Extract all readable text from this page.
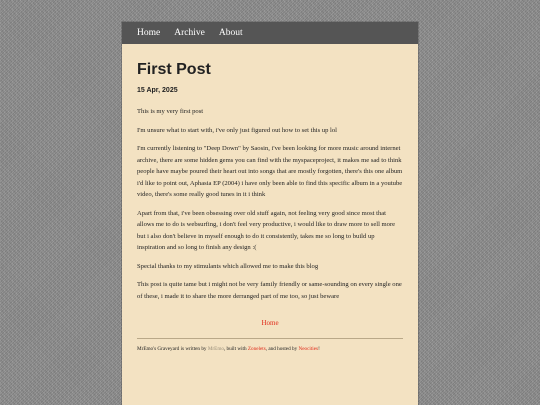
Home Archive About
First Post
15 Apr, 2025

This is my very first post

I'm unsure what to start with, i've only just figured out how to set this up lol

I'm currently listening to "Deep Down" by Saosin, i've been looking for more music around internet archive, there are some hidden gems you can find with the myspaceproject, it makes me sad to think people have maybe poured their heart out into songs that are mostly forgotten, there's this one album i'd like to point out, Aphasia EP (2004) i have only been able to find this specific album in a youtube video, there's some really good tunes in it i think

Apart from that, i've been obsessing over old stuff again, not feeling very good since most that allows me to do is websurfing, i don't feel very productive, i would like to draw more to sell more but i also don't believe in myself enough to do it consistently, takes me so long to build up inspiration and so long to finish any design :(

Special thanks to my stimulants which allowed me to make this blog

This post is quite tame but i might not be very family friendly or same-sounding on every single one of these, i made it to share the more derranged part of me too, so just beware

Home
MrEmo's Graveyard is written by MrEmo, built with Zonelets, and hosted by Neocities!
